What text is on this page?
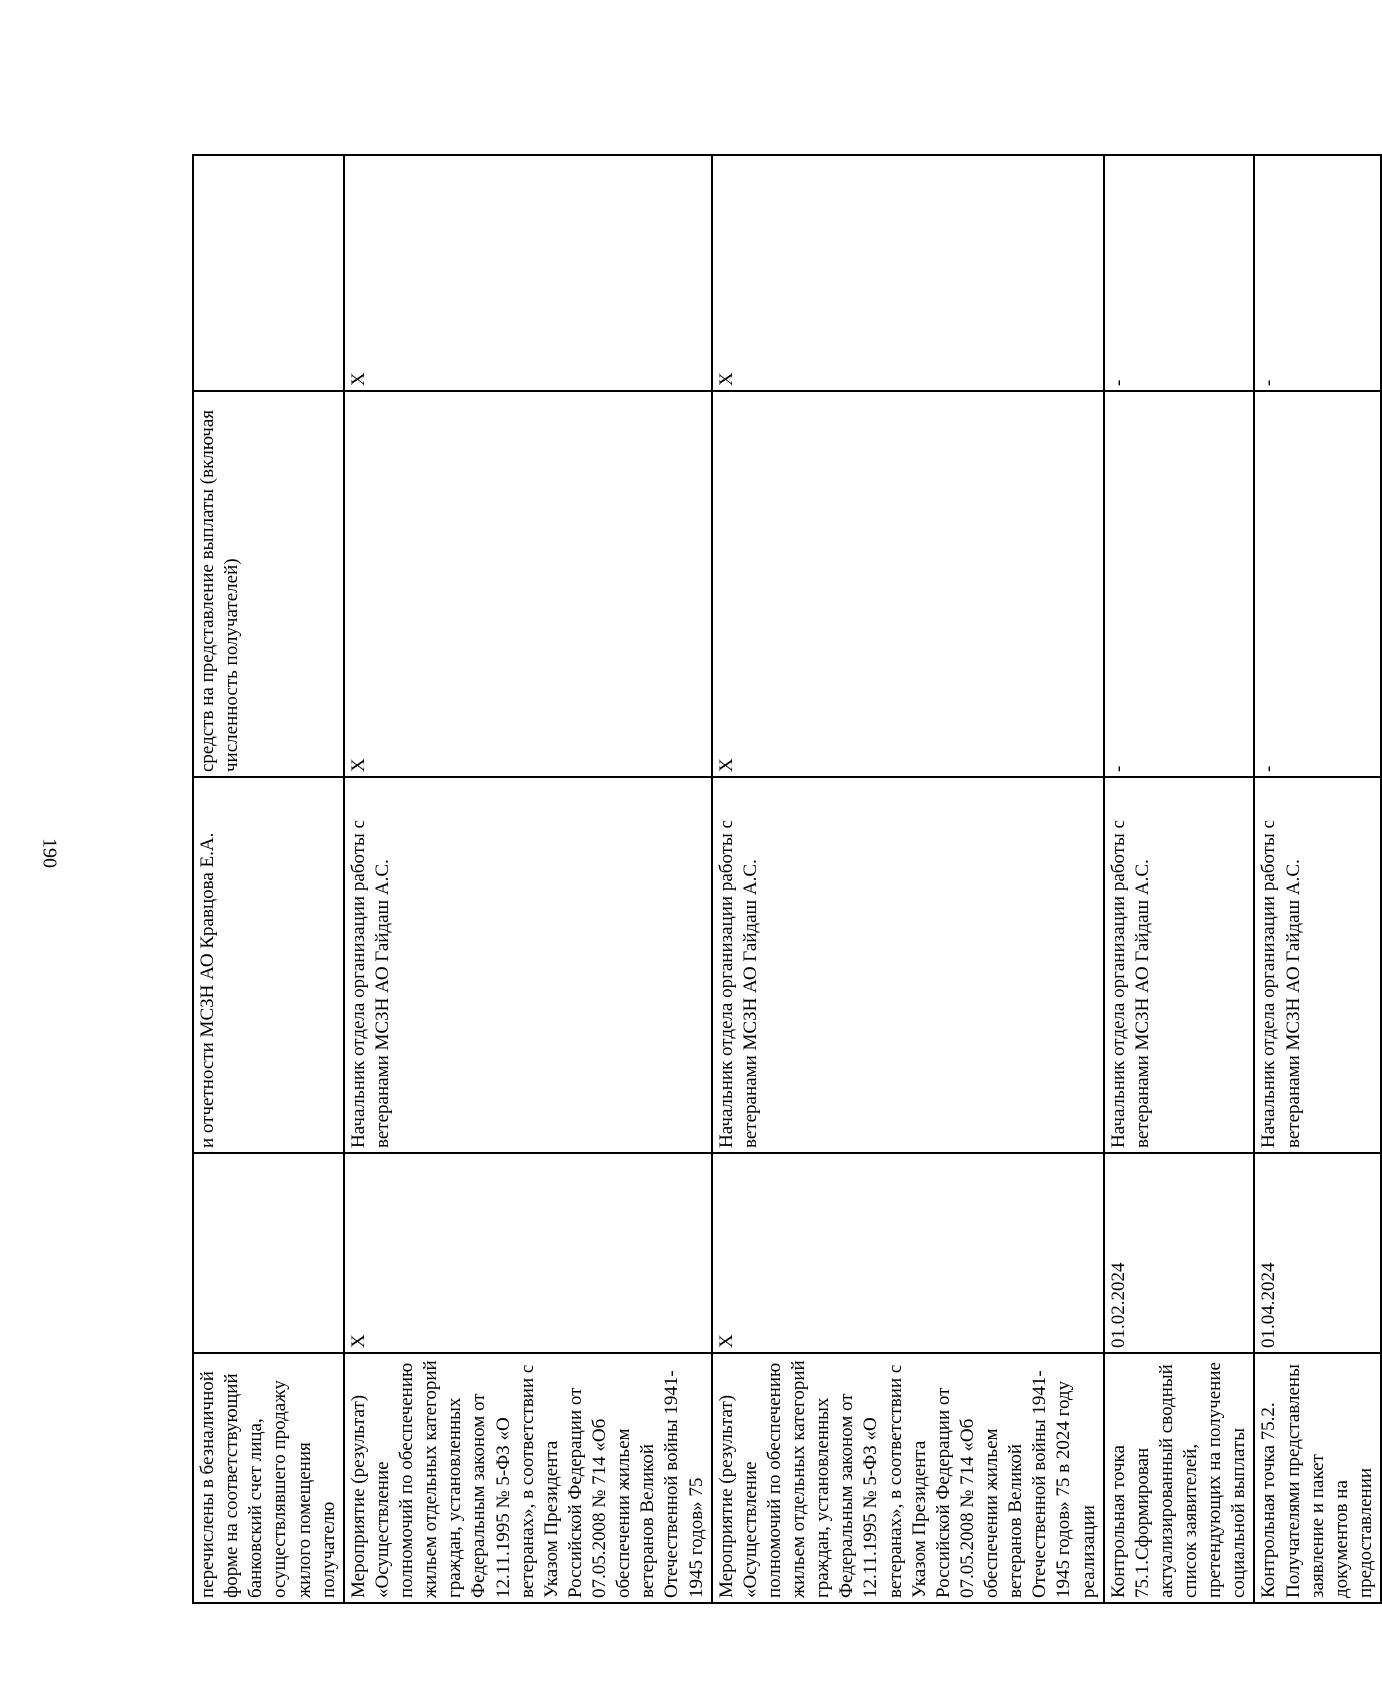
190
перечислены в безналичной форме на соответствующий банковский счет лица, осуществлявшего продажу жилого помещения получателю		и отчетности МСЗН АО Кравцова Е.А.	средств на представление выплаты (включая численность получателей)	
Мероприятие (результат) «Осуществление полномочий по обеспечению жильем отдельных категорий граждан, установленных Федеральным законом от 12.11.1995 № 5-ФЗ «О ветеранах», в соответствии с Указом Президента Российской Федерации от 07.05.2008 № 714 «Об обеспечении жильем ветеранов Великой Отечественной войны 1941-1945 годов» 75	X	Начальник отдела организации работы с ветеранами МСЗН АО Гайдаш А.С.	X	X
Мероприятие (результат) «Осуществление полномочий по обеспечению жильем отдельных категорий граждан, установленных Федеральным законом от 12.11.1995 № 5-ФЗ «О ветеранах», в соответствии с Указом Президента Российской Федерации от 07.05.2008 № 714 «Об обеспечении жильем ветеранов Великой Отечественной войны 1941-1945 годов» 75 в 2024 году реализации	X	Начальник отдела организации работы с ветеранами МСЗН АО Гайдаш А.С.	X	X
Контрольная точка 75.1.Сформирован актуализированный сводный список заявителей, претендующих на получение социальной выплаты	01.02.2024	Начальник отдела организации работы с ветеранами МСЗН АО Гайдаш А.С.	-	-
Контрольная точка 75.2. Получателями представлены заявление и пакет документов на предоставлении	01.04.2024	Начальник отдела организации работы с ветеранами МСЗН АО Гайдаш А.С.	-	-
